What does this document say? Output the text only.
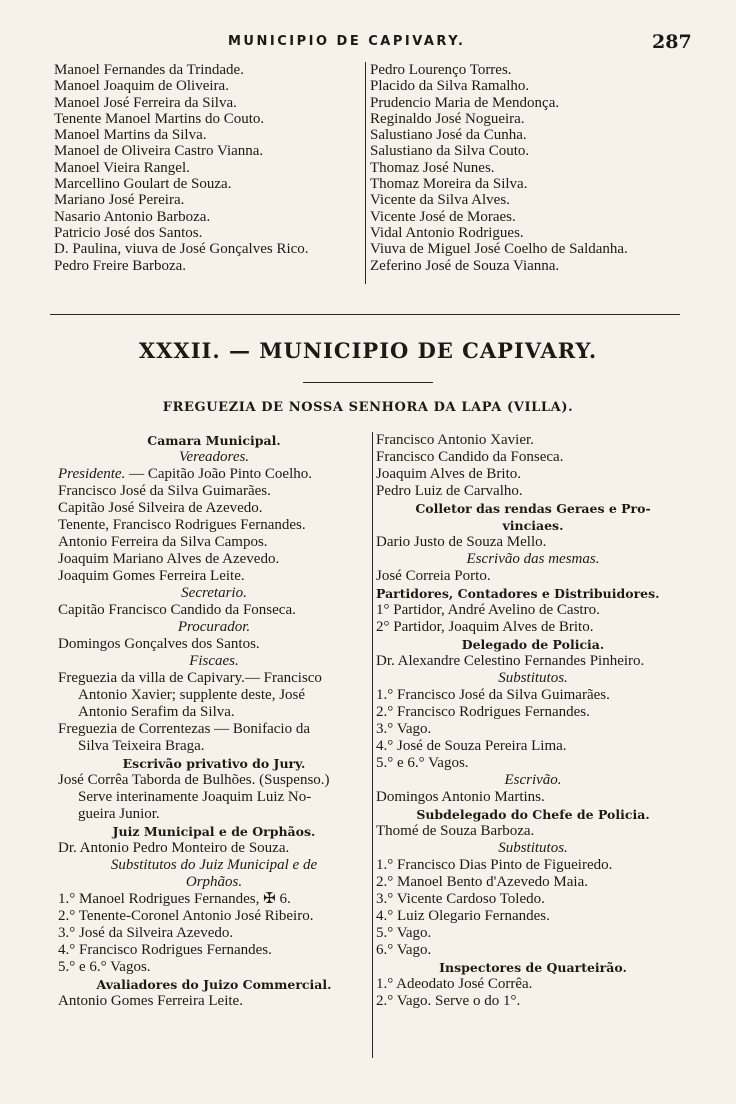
MUNICIPIO DE CAPIVARY.	287
Manoel Fernandes da Trindade.
Manoel Joaquim de Oliveira.
Manoel José Ferreira da Silva.
Tenente Manoel Martins do Couto.
Manoel Martins da Silva.
Manoel de Oliveira Castro Vianna.
Manoel Vieira Rangel.
Marcellino Goulart de Souza.
Mariano José Pereira.
Nasario Antonio Barboza.
Patricio José dos Santos.
D. Paulina, viuva de José Gonçalves Rico.
Pedro Freire Barboza.
Pedro Lourenço Torres.
Placido da Silva Ramalho.
Prudencio Maria de Mendonça.
Reginaldo José Nogueira.
Salustiano José da Cunha.
Salustiano da Silva Couto.
Thomaz José Nunes.
Thomaz Moreira da Silva.
Vicente da Silva Alves.
Vicente José de Moraes.
Vidal Antonio Rodrigues.
Viuva de Miguel José Coelho de Saldanha.
Zeferino José de Souza Vianna.
XXXII. — MUNICIPIO DE CAPIVARY.
FREGUEZIA DE NOSSA SENHORA DA LAPA (VILLA).
Camara Municipal.
Vereadores.
Presidente. — Capitão João Pinto Coelho.
Francisco José da Silva Guimarães.
Capitão José Silveira de Azevedo.
Tenente, Francisco Rodrigues Fernandes.
Antonio Ferreira da Silva Campos.
Joaquim Mariano Alves de Azevedo.
Joaquim Gomes Ferreira Leite.
Secretario.
Capitão Francisco Candido da Fonseca.
Procurador.
Domingos Gonçalves dos Santos.
Fiscaes.
Freguezia da villa de Capivary.— Francisco
Antonio Xavier; supplente deste, José
Antonio Serafim da Silva.
Freguezia de Correntezas — Bonifacio da
Silva Teixeira Braga.
Escrivão privativo do Jury.
José Corrêa Taborda de Bulhões. (Suspenso.)
Serve interinamente Joaquim Luiz No-
gueira Junior.
Juiz Municipal e de Orphãos.
Dr. Antonio Pedro Monteiro de Souza.
Substitutos do Juiz Municipal e de
Orphãos.
1.° Manoel Rodrigues Fernandes, ✠ 6.
2.° Tenente-Coronel Antonio José Ribeiro.
3.° José da Silveira Azevedo.
4.° Francisco Rodrigues Fernandes.
5.° e 6.° Vagos.
Avaliadores do Juizo Commercial.
Antonio Gomes Ferreira Leite.
Francisco Antonio Xavier.
Francisco Candido da Fonseca.
Joaquim Alves de Brito.
Pedro Luiz de Carvalho.
Colletor das rendas Geraes e Pro-
vinciaes.
Dario Justo de Souza Mello.
Escrivão das mesmas.
José Correia Porto.
Partidores, Contadores e Distribuidores.
1° Partidor, André Avelino de Castro.
2° Partidor, Joaquim Alves de Brito.
Delegado de Policia.
Dr. Alexandre Celestino Fernandes Pinheiro.
Substitutos.
1.° Francisco José da Silva Guimarães.
2.° Francisco Rodrigues Fernandes.
3.° Vago.
4.° José de Souza Pereira Lima.
5.° e 6.° Vagos.
Escrivão.
Domingos Antonio Martins.
Subdelegado do Chefe de Policia.
Thomé de Souza Barboza.
Substitutos.
1.° Francisco Dias Pinto de Figueiredo.
2.° Manoel Bento d'Azevedo Maia.
3.° Vicente Cardoso Toledo.
4.° Luiz Olegario Fernandes.
5.° Vago.
6.° Vago.
Inspectores de Quarteirão.
1.° Adeodato José Corrêa.
2.° Vago. Serve o do 1°.
